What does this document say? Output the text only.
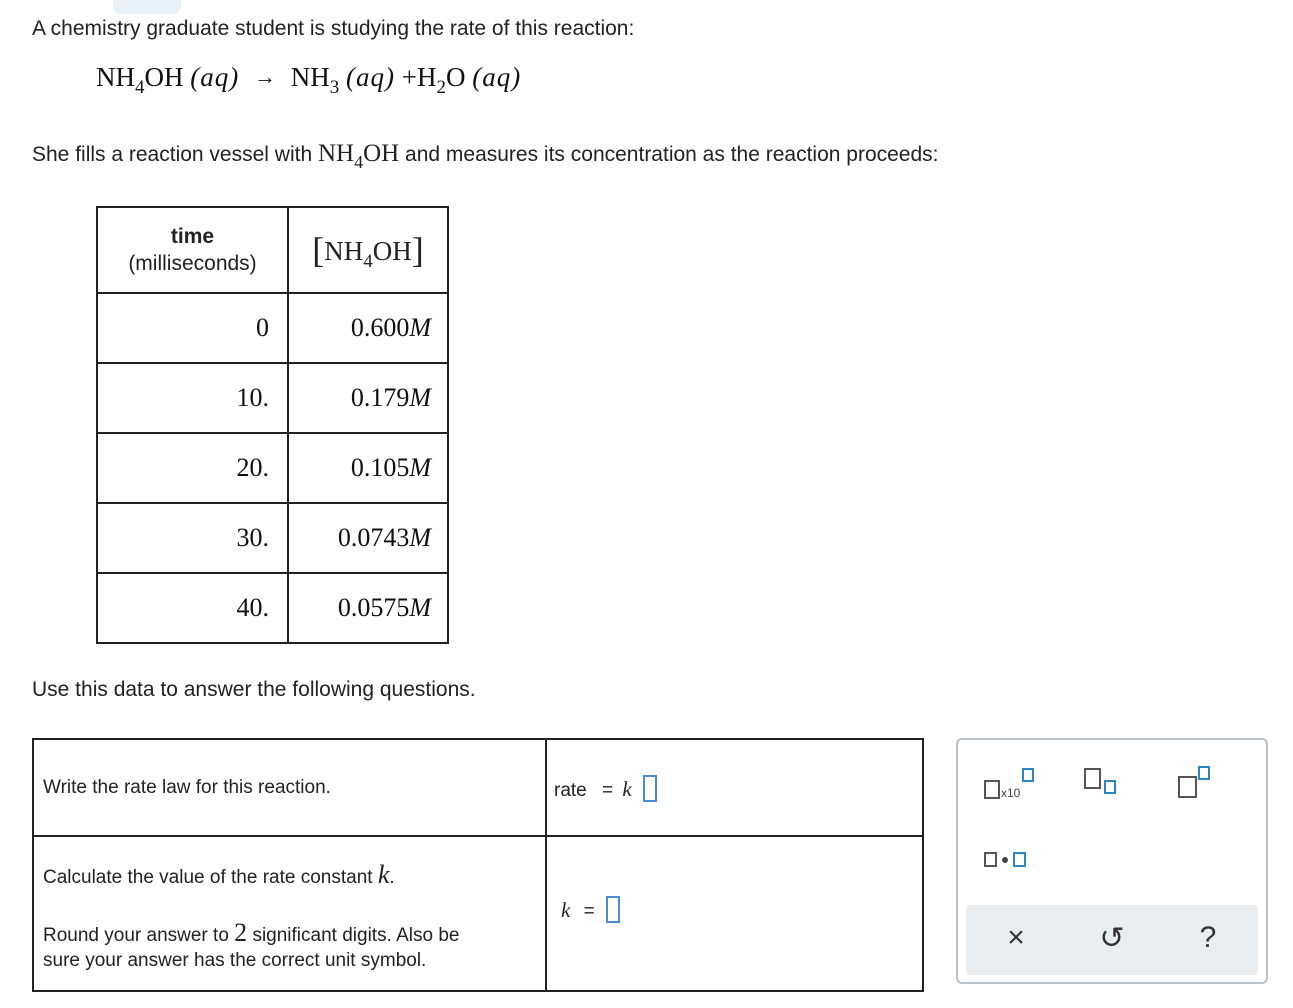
A chemistry graduate student is studying the rate of this reaction:
$NH_4OH$ $(aq) \to NH_3$ $(aq) +H_2O$ (aq)
She fills a reaction vessel with $NH_4OH$ and measures its concentration as the reaction proceeds:
time
(milliseconds)	$[NH_4OH]$
0	0.600M
10.	0.179M
20.	0.105M
30.	0.0743M
40.	0.0575M
Use this data to answer the following questions.
Write the rate law for this reaction.	rate = k
Calculate the value of the rate constant k.
Round your answer to 2 significant digits. Also be
sure your answer has the correct unit symbol.
k =
x10
×	↺	?
